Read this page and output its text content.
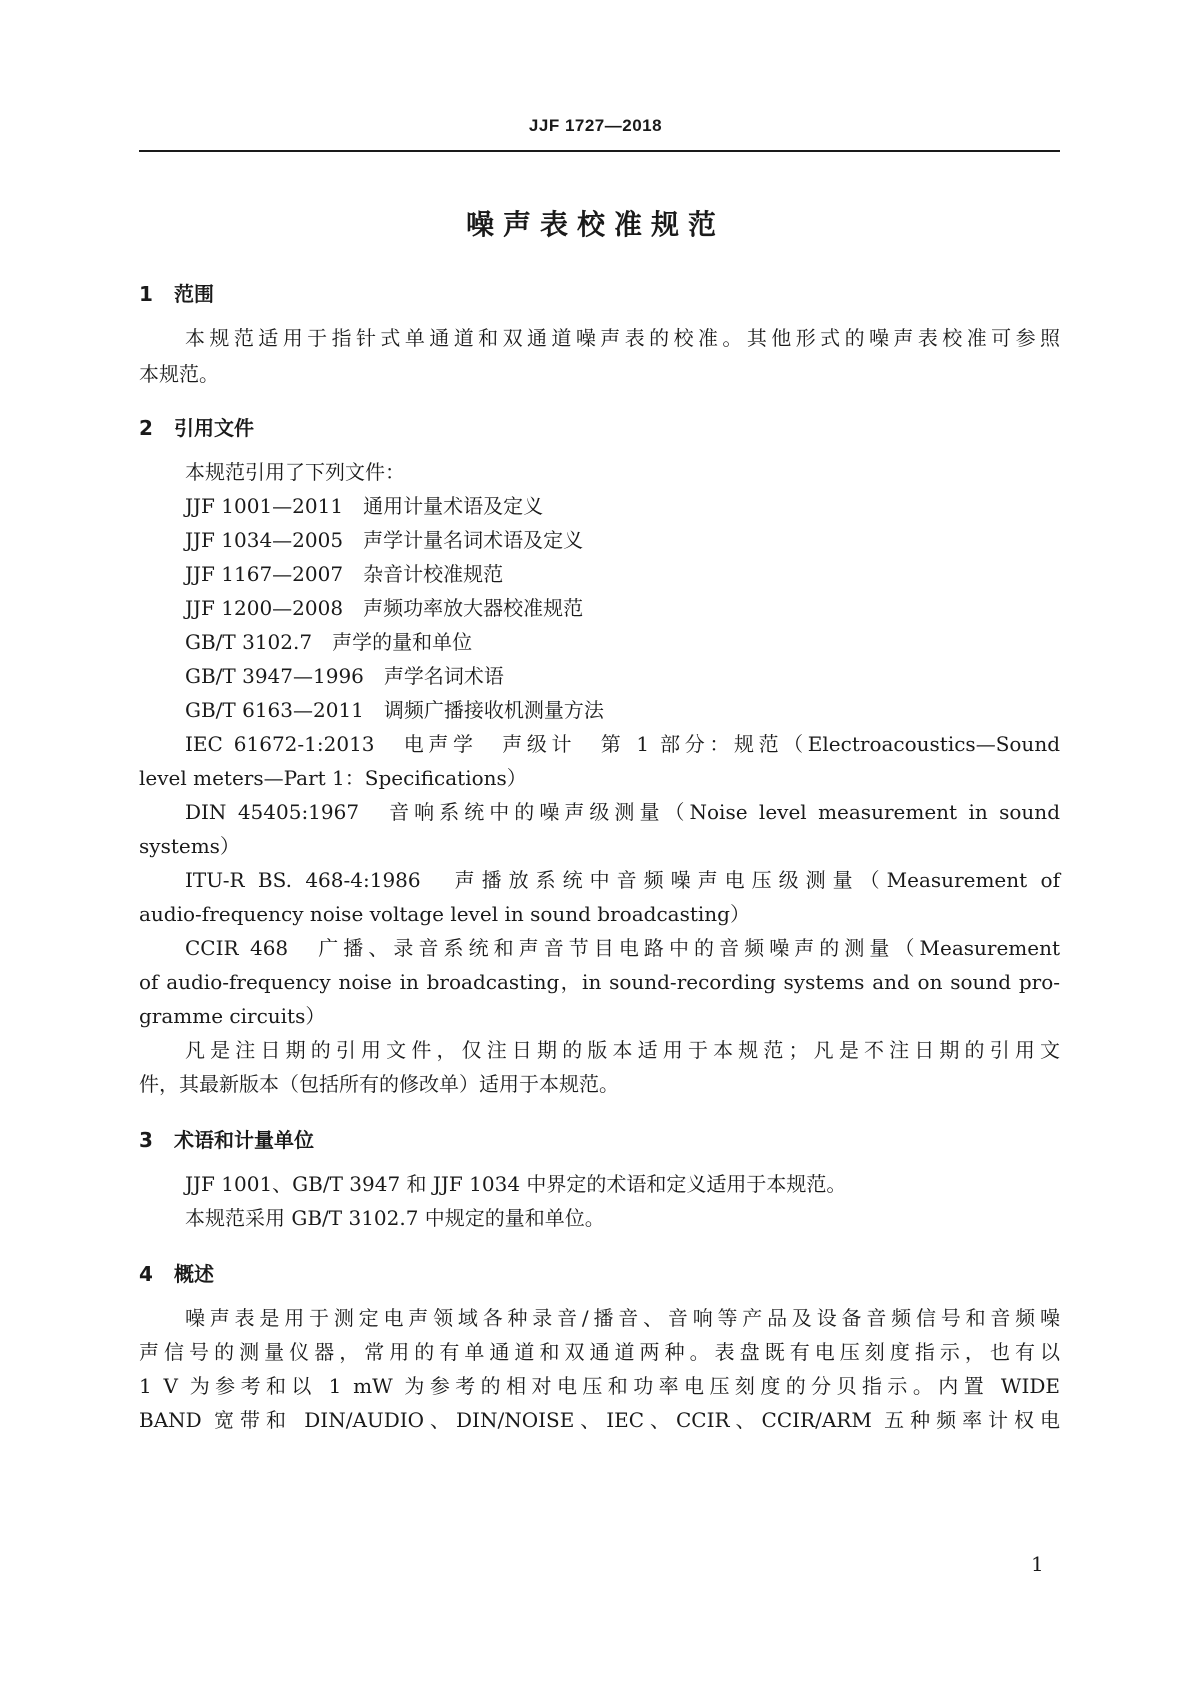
JJF 1727—2018
噪声表校准规范
1 范围
本规范适用于指针式单通道和双通道噪声表的校准。其他形式的噪声表校准可参照
本规范。
2 引用文件
本规范引用了下列文件：
JJF 1001—2011　通用计量术语及定义
JJF 1034—2005　声学计量名词术语及定义
JJF 1167—2007　杂音计校准规范
JJF 1200—2008　声频功率放大器校准规范
GB/T 3102.7　声学的量和单位
GB/T 3947—1996　声学名词术语
GB/T 6163—2011　调频广播接收机测量方法
IEC 61672-1:2013　电声学　声级计　第 1 部分：规范（Electroacoustics—Sound
level meters—Part 1：Specifications）
DIN 45405:1967　音响系统中的噪声级测量（Noise level measurement in sound
systems）
ITU-R BS. 468-4:1986　声播放系统中音频噪声电压级测量（Measurement of
audio-frequency noise voltage level in sound broadcasting）
CCIR 468　广播、录音系统和声音节目电路中的音频噪声的测量（Measurement
of audio-frequency noise in broadcasting，in sound-recording systems and on sound pro-
gramme circuits）
凡是注日期的引用文件，仅注日期的版本适用于本规范；凡是不注日期的引用文
件，其最新版本（包括所有的修改单）适用于本规范。
3 术语和计量单位
JJF 1001、GB/T 3947 和 JJF 1034 中界定的术语和定义适用于本规范。
本规范采用 GB/T 3102.7 中规定的量和单位。
4 概述
噪声表是用于测定电声领域各种录音/播音、音响等产品及设备音频信号和音频噪
声信号的测量仪器，常用的有单通道和双通道两种。表盘既有电压刻度指示，也有以
1 V 为参考和以 1 mW 为参考的相对电压和功率电压刻度的分贝指示。内置 WIDE
BAND 宽带和 DIN/AUDIO、DIN/NOISE、IEC、CCIR、CCIR/ARM 五种频率计权电
1
